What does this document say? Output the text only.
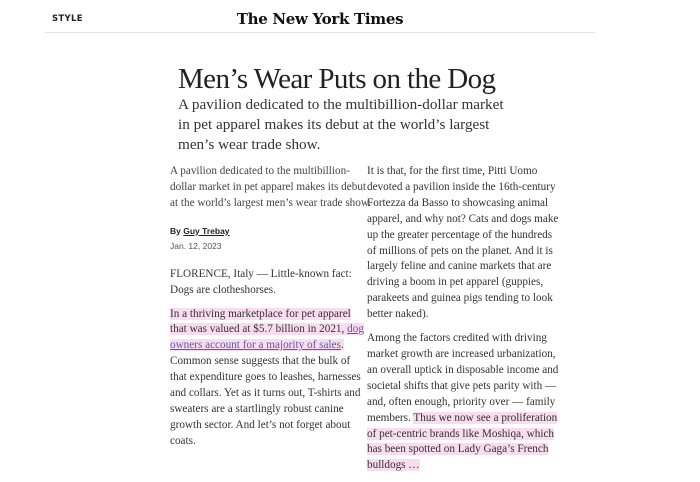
STYLE	The New York Times
Men’s Wear Puts on the Dog
A pavilion dedicated to the multibillion-dollar market in pet apparel makes its debut at the world’s largest men’s wear trade show.
A pavilion dedicated to the multibillion-
dollar market in pet apparel makes its debut
at the world’s largest men’s wear trade show.
By Guy Trebay
Jan. 12, 2023
FLORENCE, Italy — Little-known fact:
Dogs are clotheshorses.
In a thriving marketplace for pet apparel
that was valued at $5.7 billion in 2021, dog
owners account for a majority of sales.
Common sense suggests that the bulk of
that expenditure goes to leashes, harnesses
and collars. Yet as it turns out, T-shirts and
sweaters are a startlingly robust canine
growth sector. And let’s not forget about
coats.
It is that, for the first time, Pitti Uomo
devoted a pavilion inside the 16th-century
Fortezza da Basso to showcasing animal
apparel, and why not? Cats and dogs make
up the greater percentage of the hundreds
of millions of pets on the planet. And it is
largely feline and canine markets that are
driving a boom in pet apparel (guppies,
parakeets and guinea pigs tending to look
better naked).
Among the factors credited with driving
market growth are increased urbanization,
an overall uptick in disposable income and
societal shifts that give pets parity with —
and, often enough, priority over — family
members. Thus we now see a proliferation
of pet-centric brands like Moshiqa, which
has been spotted on Lady Gaga’s French
bulldogs …
